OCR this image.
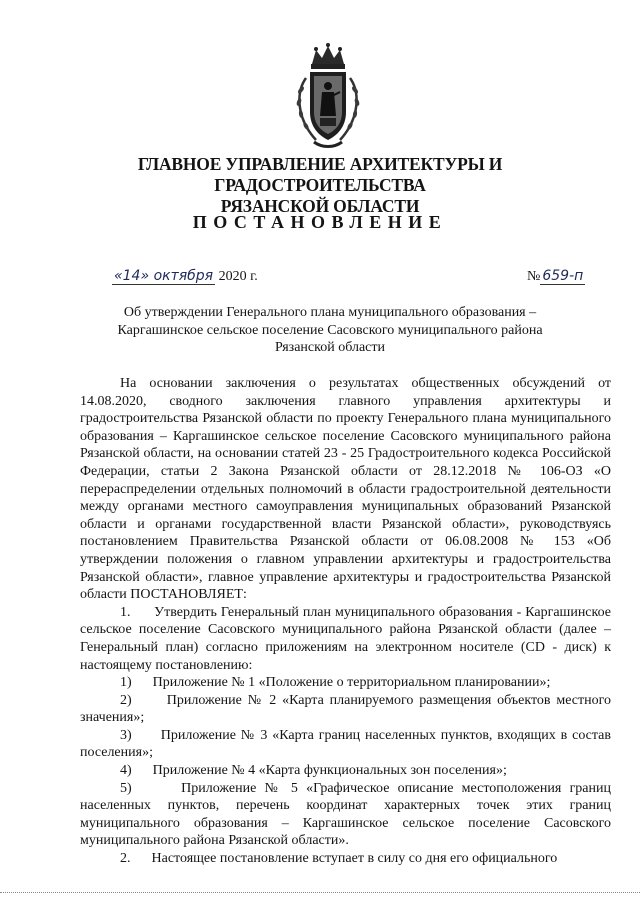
ГЛАВНОЕ УПРАВЛЕНИЕ АРХИТЕКТУРЫ И ГРАДОСТРОИТЕЛЬСТВА
РЯЗАНСКОЙ ОБЛАСТИ
ПОСТАНОВЛЕНИЕ
«14» октября 2020 г.	№ 659-п
Об утверждении Генерального плана муниципального образования –
Каргашинское сельское поселение Сасовского муниципального района
Рязанской области

На основании заключения о результатах общественных обсуждений от 14.08.2020, сводного заключения главного управления архитектуры и градостроительства Рязанской области по проекту Генерального плана муниципального образования – Каргашинское сельское поселение Сасовского муниципального района Рязанской области, на основании статей 23 - 25 Градостроительного кодекса Российской Федерации, статьи 2 Закона Рязанской области от 28.12.2018 № 106-ОЗ «О перераспределении отдельных полномочий в области градостроительной деятельности между органами местного самоуправления муниципальных образований Рязанской области и органами государственной власти Рязанской области», руководствуясь постановлением Правительства Рязанской области от 06.08.2008 № 153 «Об утверждении положения о главном управлении архитектуры и градостроительства Рязанской области», главное управление архитектуры и градостроительства Рязанской области ПОСТАНОВЛЯЕТ:

1.      Утвердить Генеральный план муниципального образования - Каргашинское сельское поселение Сасовского муниципального района Рязанской области (далее – Генеральный план) согласно приложениям на электронном носителе (CD - диск) к настоящему постановлению:

1)      Приложение № 1 «Положение о территориальном планировании»;

2)      Приложение № 2 «Карта планируемого размещения объектов местного значения»;

3)      Приложение № 3 «Карта границ населенных пунктов, входящих в состав поселения»;

4)      Приложение № 4 «Карта функциональных зон поселения»;

5)      Приложение № 5 «Графическое описание местоположения границ населенных пунктов, перечень координат характерных точек этих границ муниципального образования – Каргашинское сельское поселение Сасовского муниципального района Рязанской области».

2.      Настоящее постановление вступает в силу со дня его официального
